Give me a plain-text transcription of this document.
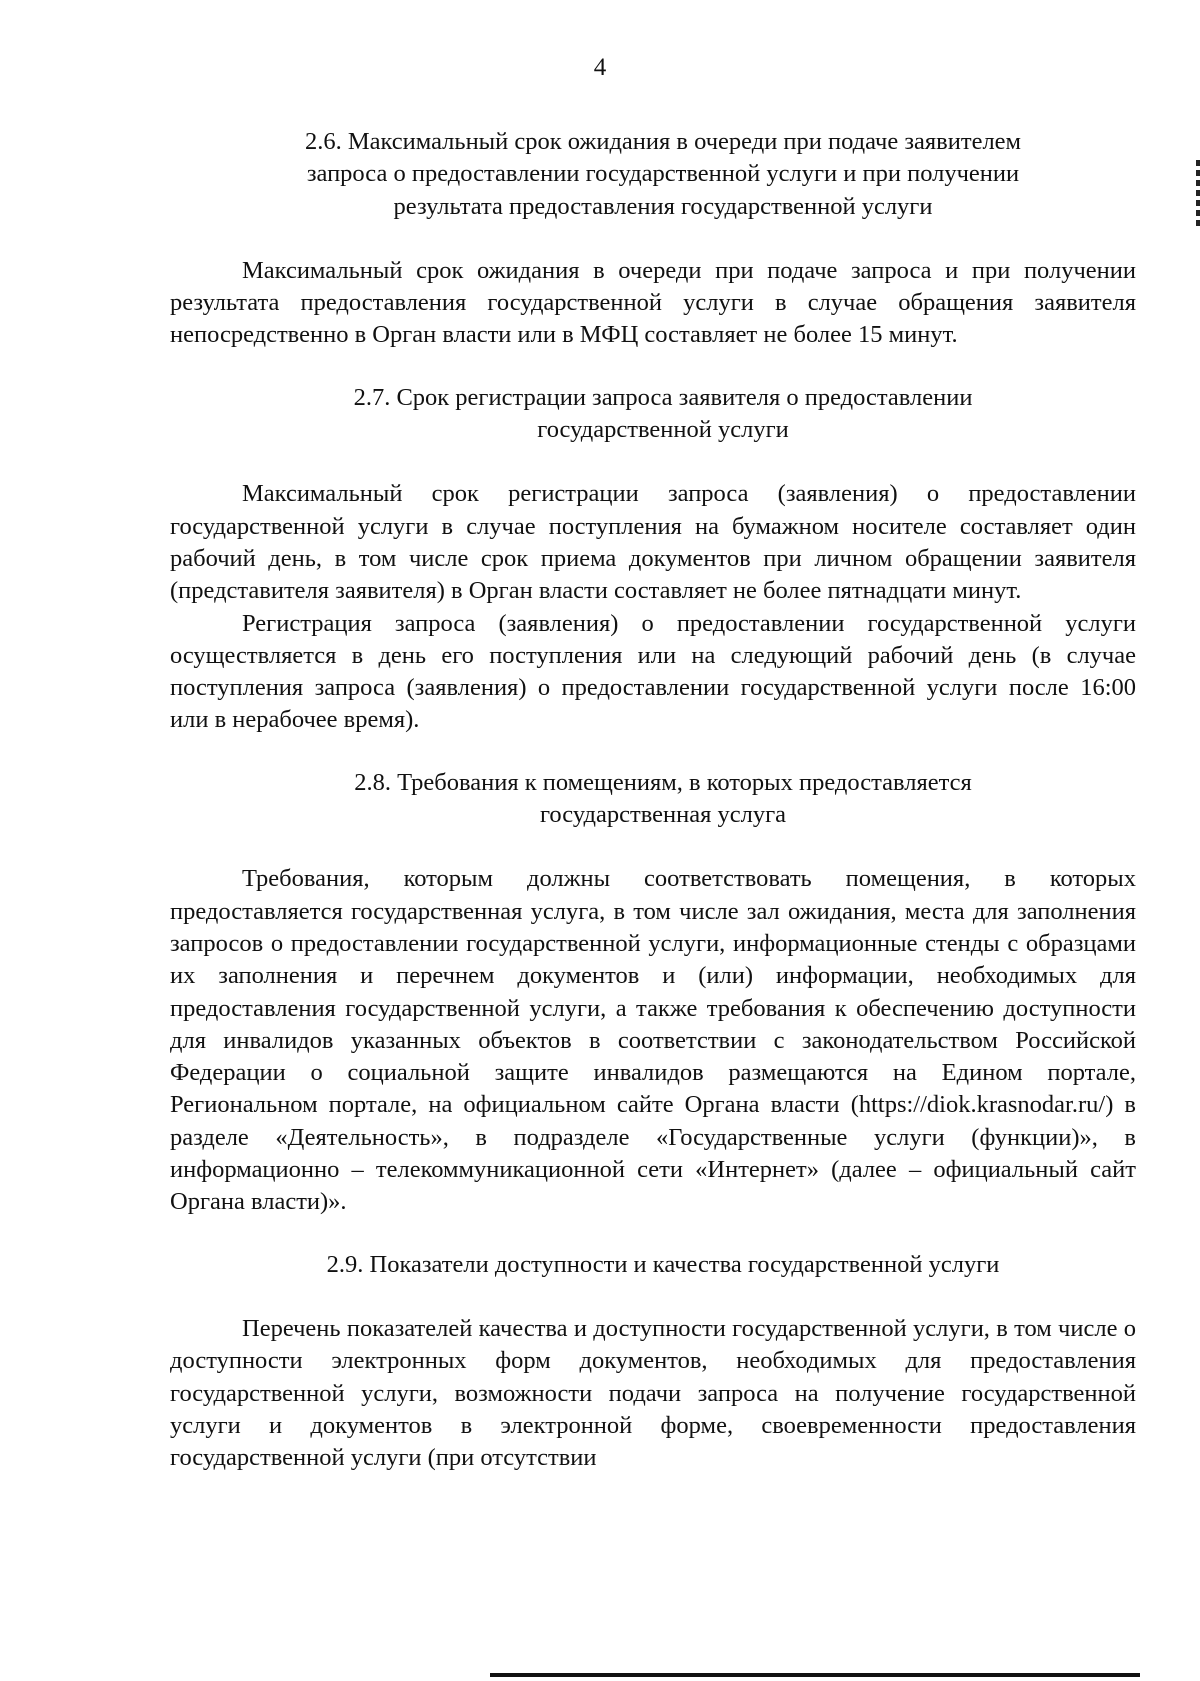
4
2.6. Максимальный срок ожидания в очереди при подаче заявителем
запроса о предоставлении государственной услуги и при получении
результата предоставления государственной услуги

Максимальный срок ожидания в очереди при подаче запроса и при получении результата предоставления государственной услуги в случае обращения заявителя непосредственно в Орган власти или в МФЦ составляет не более 15 минут.

2.7. Срок регистрации запроса заявителя о предоставлении
государственной услуги

Максимальный срок регистрации запроса (заявления) о предоставлении государственной услуги в случае поступления на бумажном носителе составляет один рабочий день, в том числе срок приема документов при личном обращении заявителя (представителя заявителя) в Орган власти составляет не более пятнадцати минут.

Регистрация запроса (заявления) о предоставлении государственной услуги осуществляется в день его поступления или на следующий рабочий день (в случае поступления запроса (заявления) о предоставлении государственной услуги после 16:00 или в нерабочее время).

2.8. Требования к помещениям, в которых предоставляется
государственная услуга

Требования, которым должны соответствовать помещения, в которых предоставляется государственная услуга, в том числе зал ожидания, места для заполнения запросов о предоставлении государственной услуги, информационные стенды с образцами их заполнения и перечнем документов и (или) информации, необходимых для предоставления государственной услуги, а также требования к обеспечению доступности для инвалидов указанных объектов в соответствии с законодательством Российской Федерации о социальной защите инвалидов размещаются на Едином портале, Региональном портале, на официальном сайте Органа власти (https://diok.krasnodar.ru/) в разделе «Деятельность», в подразделе «Государственные услуги (функции)», в информационно – телекоммуникационной сети «Интернет» (далее – официальный сайт Органа власти)».

2.9. Показатели доступности и качества государственной услуги

Перечень показателей качества и доступности государственной услуги, в том числе о доступности электронных форм документов, необходимых для предоставления государственной услуги, возможности подачи запроса на получение государственной услуги и документов в электронной форме, своевременности предоставления государственной услуги (при отсутствии
